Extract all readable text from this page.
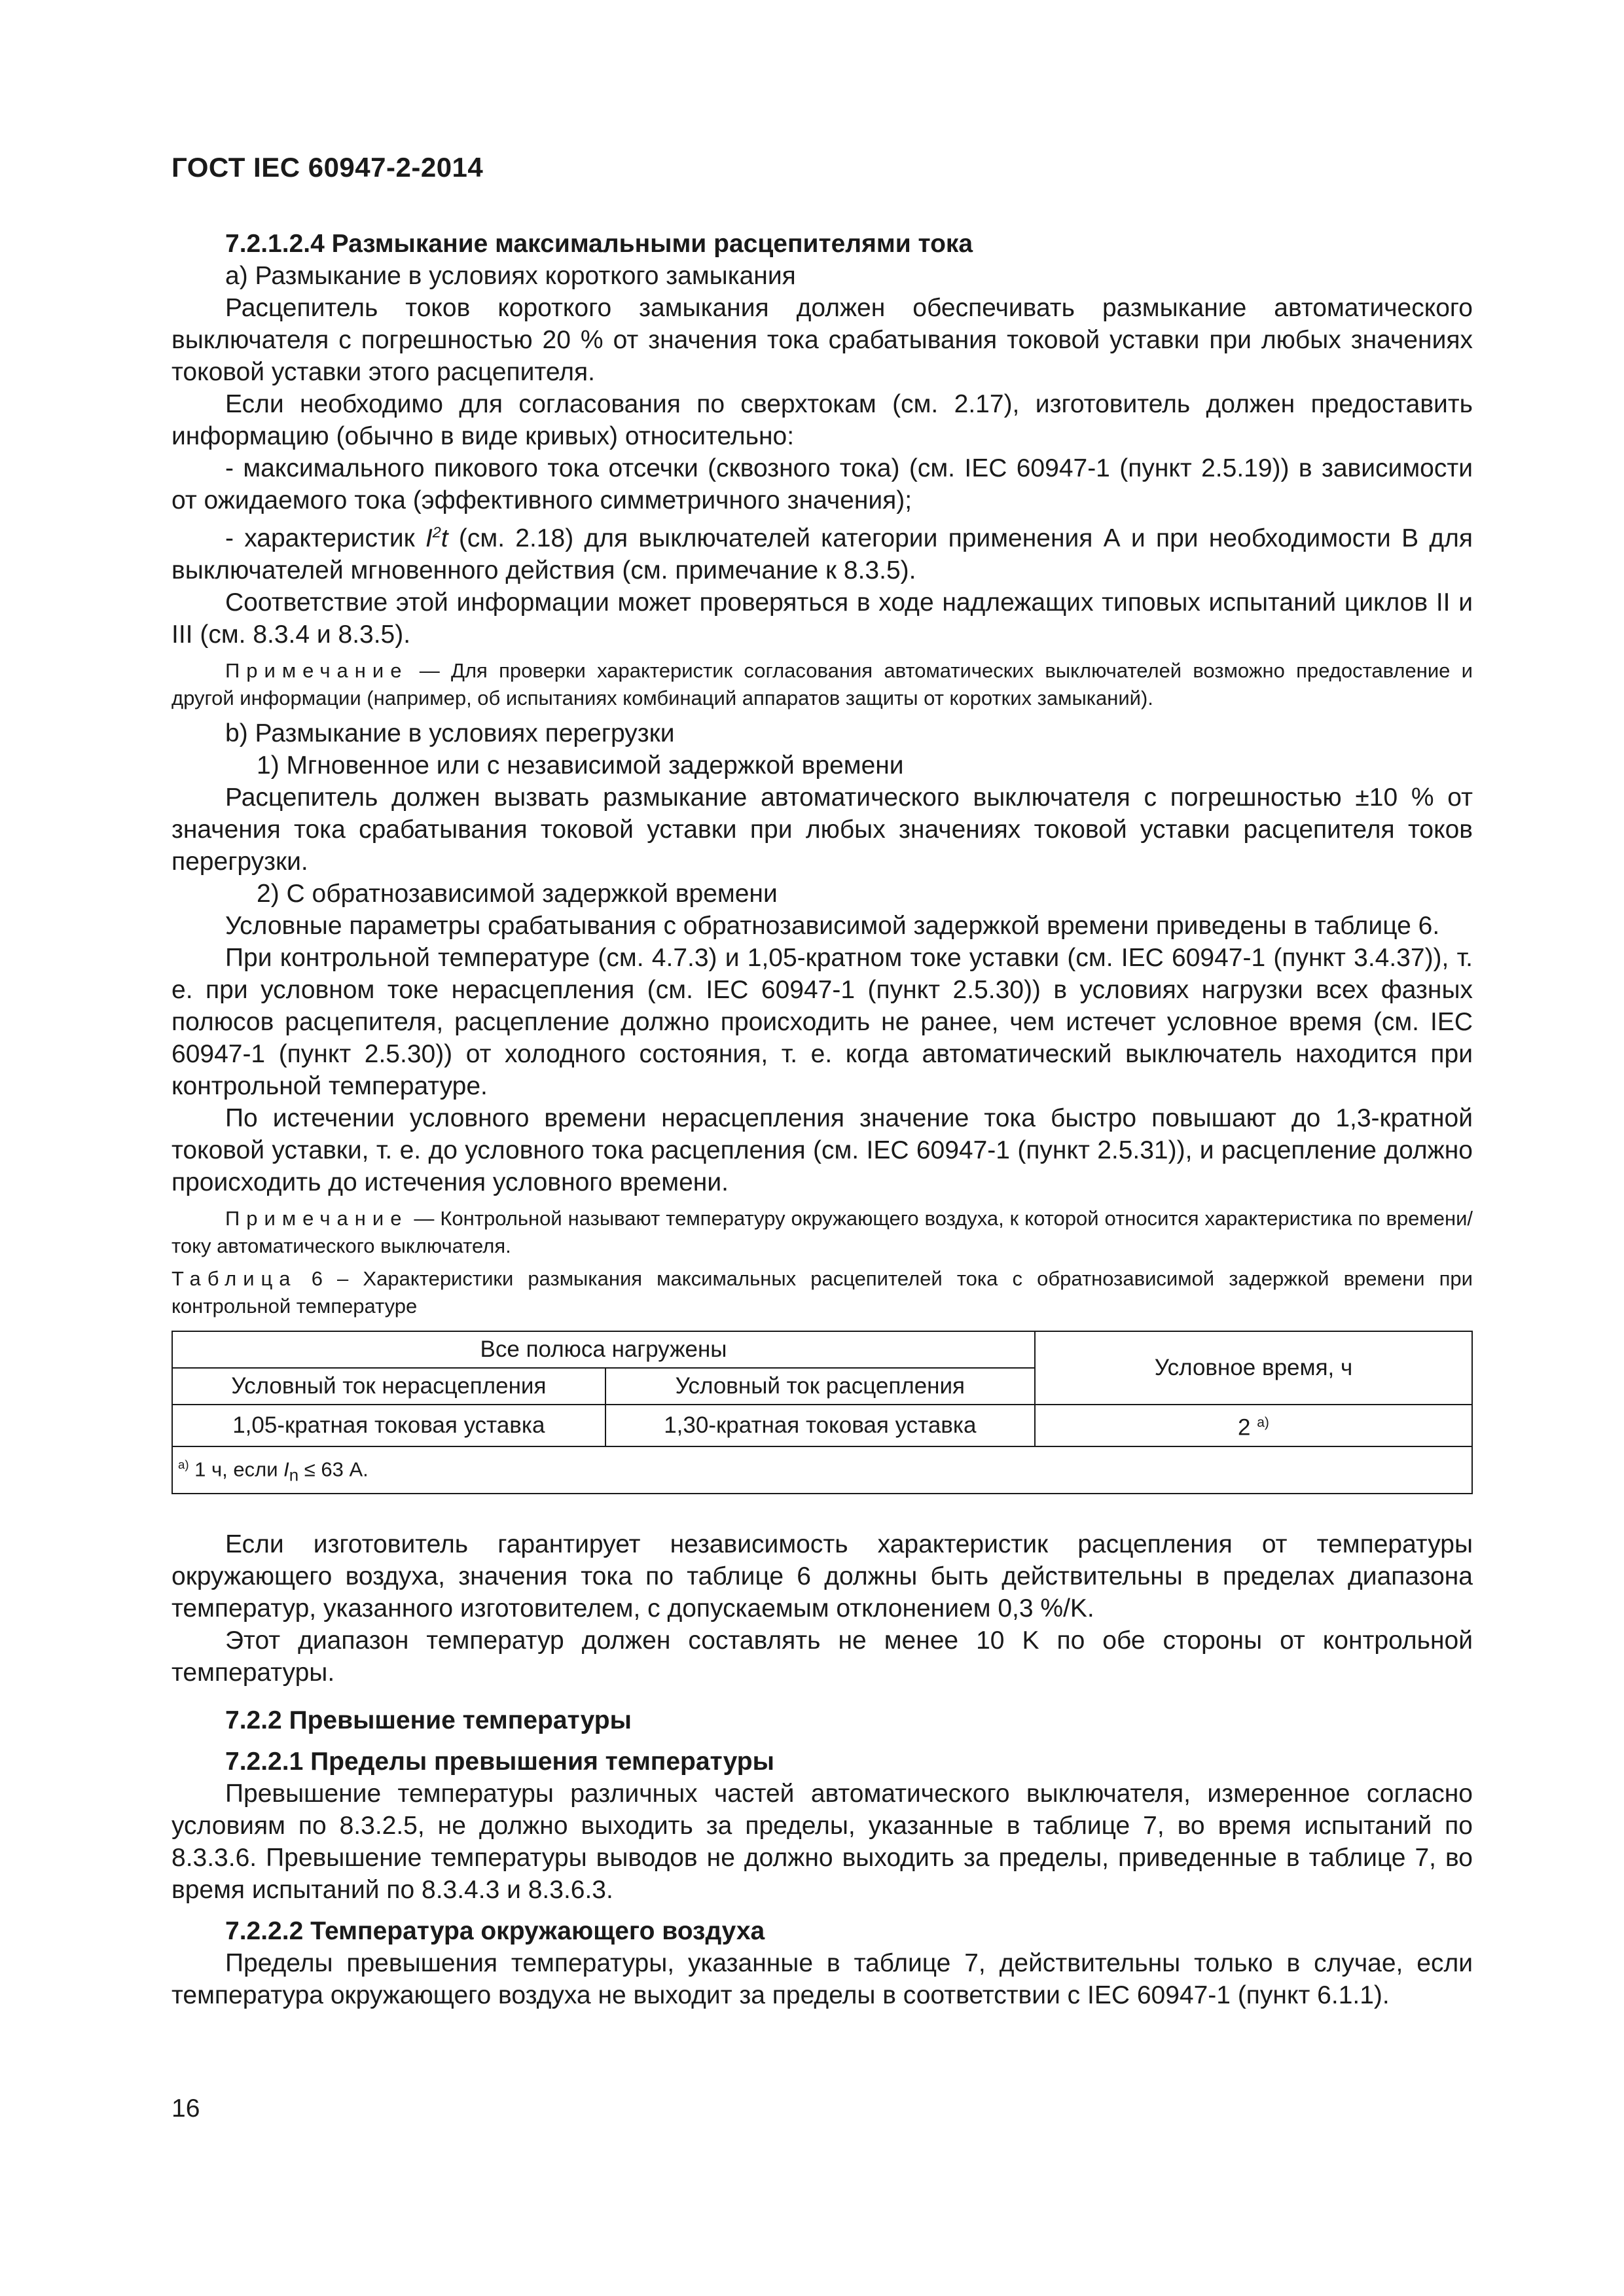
ГОСТ IEC 60947-2-2014

7.2.1.2.4 Размыкание максимальными расцепителями тока

a) Размыкание в условиях короткого замыкания

Расцепитель токов короткого замыкания должен обеспечивать размыкание автоматического выключателя с погрешностью 20 % от значения тока срабатывания токовой уставки при любых значениях токовой уставки этого расцепителя.

Если необходимо для согласования по сверхтокам (см. 2.17), изготовитель должен предоставить информацию (обычно в виде кривых) относительно:

- максимального пикового тока отсечки (сквозного тока) (см. IEC 60947-1 (пункт 2.5.19)) в зависимости от ожидаемого тока (эффективного симметричного значения);

- характеристик $I^2t$ (см. 2.18) для выключателей категории применения А и при необходимости В для выключателей мгновенного действия (см. примечание к 8.3.5).

Соответствие этой информации может проверяться в ходе надлежащих типовых испытаний циклов II и III (см. 8.3.4 и 8.3.5).

Примечание — Для проверки характеристик согласования автоматических выключателей возможно предоставление и другой информации (например, об испытаниях комбинаций аппаратов защиты от коротких замыканий).

b) Размыкание в условиях перегрузки

1) Мгновенное или с независимой задержкой времени

Расцепитель должен вызвать размыкание автоматического выключателя с погрешностью ±10 % от значения тока срабатывания токовой уставки при любых значениях токовой уставки расцепителя токов перегрузки.

2) С обратнозависимой задержкой времени

Условные параметры срабатывания с обратнозависимой задержкой времени приведены в таблице 6.

При контрольной температуре (см. 4.7.3) и 1,05-кратном токе уставки (см. IEC 60947-1 (пункт 3.4.37)), т. е. при условном токе нерасцепления (см. IEC 60947-1 (пункт 2.5.30)) в условиях нагрузки всех фазных полюсов расцепителя, расцепление должно происходить не ранее, чем истечет условное время (см. IEC 60947-1 (пункт 2.5.30)) от холодного состояния, т. е. когда автоматический выключатель находится при контрольной температуре.

По истечении условного времени нерасцепления значение тока быстро повышают до 1,3-кратной токовой уставки, т. е. до условного тока расцепления (см. IEC 60947-1 (пункт 2.5.31)), и расцепление должно происходить до истечения условного времени.

Примечание — Контрольной называют температуру окружающего воздуха, к которой относится характеристика по времени/току автоматического выключателя.

Таблица 6 – Характеристики размыкания максимальных расцепителей тока с обратнозависимой задержкой времени при контрольной температуре

Все полюса нагружены		Условное время, ч
Условный ток нерасцепления	Условный ток расцепления	
1,05-кратная токовая уставка	1,30-кратная токовая уставка	2 $^{a)}$
$^{a)}$ 1 ч, если $I_n \le 63$ А.		

Если изготовитель гарантирует независимость характеристик расцепления от температуры окружающего воздуха, значения тока по таблице 6 должны быть действительны в пределах диапазона температур, указанного изготовителем, с допускаемым отклонением 0,3 %/K.

Этот диапазон температур должен составлять не менее 10 K по обе стороны от контрольной температуры.

7.2.2 Превышение температуры

7.2.2.1 Пределы превышения температуры

Превышение температуры различных частей автоматического выключателя, измеренное согласно условиям по 8.3.2.5, не должно выходить за пределы, указанные в таблице 7, во время испытаний по 8.3.3.6. Превышение температуры выводов не должно выходить за пределы, приведенные в таблице 7, во время испытаний по 8.3.4.3 и 8.3.6.3.

7.2.2.2 Температура окружающего воздуха

Пределы превышения температуры, указанные в таблице 7, действительны только в случае, если температура окружающего воздуха не выходит за пределы в соответствии с IEC 60947-1 (пункт 6.1.1).

16
